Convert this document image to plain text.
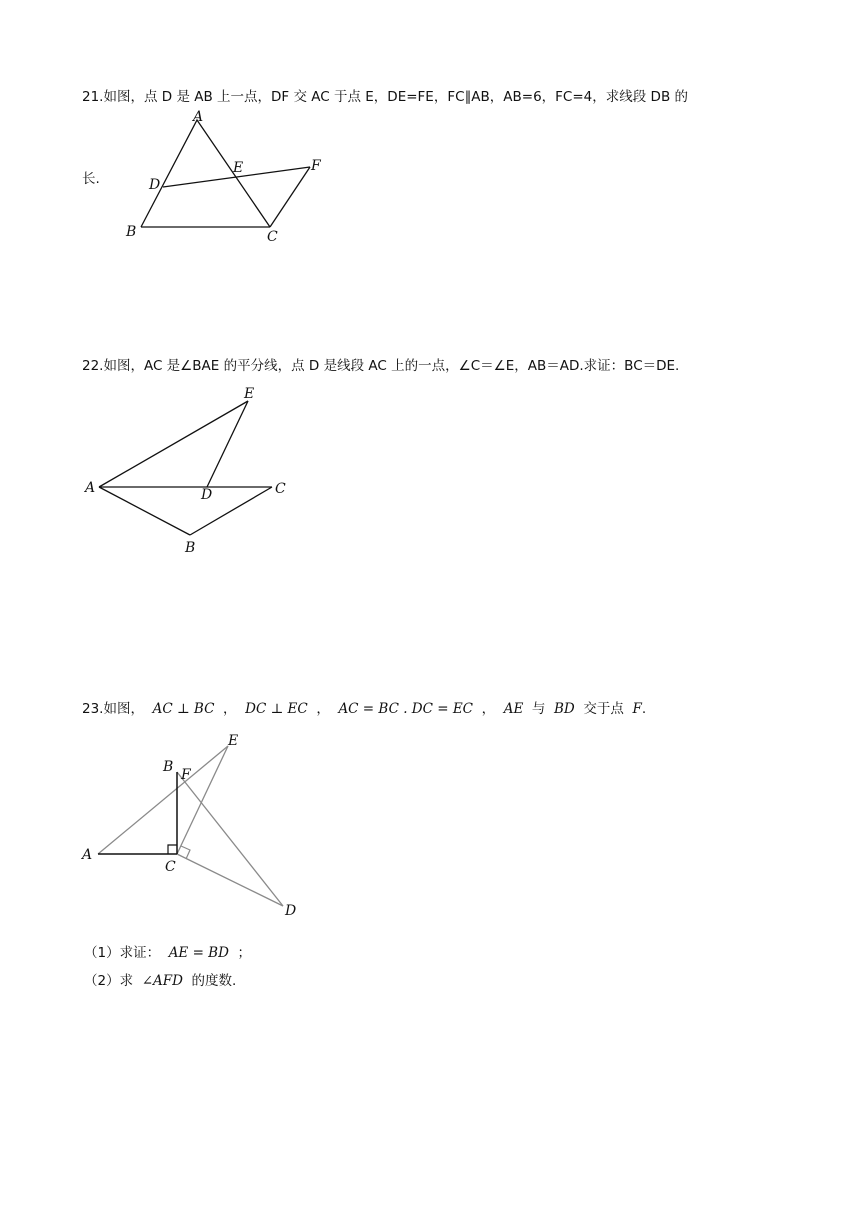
21.如图，点 D 是 AB 上一点，DF 交 AC 于点 E，DE=FE，FC∥AB，AB=6，FC=4，求线段 DB 的

长.

A
B	C
D
E	F

22.如图，AC 是∠BAE 的平分线，点 D 是线段 AC 上的一点，∠C＝∠E，AB＝AD.求证：BC＝DE.

E
A	D	C
B

23.如图， AC ⊥ BC ， DC ⊥ EC ， AC = BC . DC = EC ， AE 与 BD 交于点 F.

E
B F
A
C
D

（1）求证： AE = BD ；

（2）求 ∠AFD 的度数.
